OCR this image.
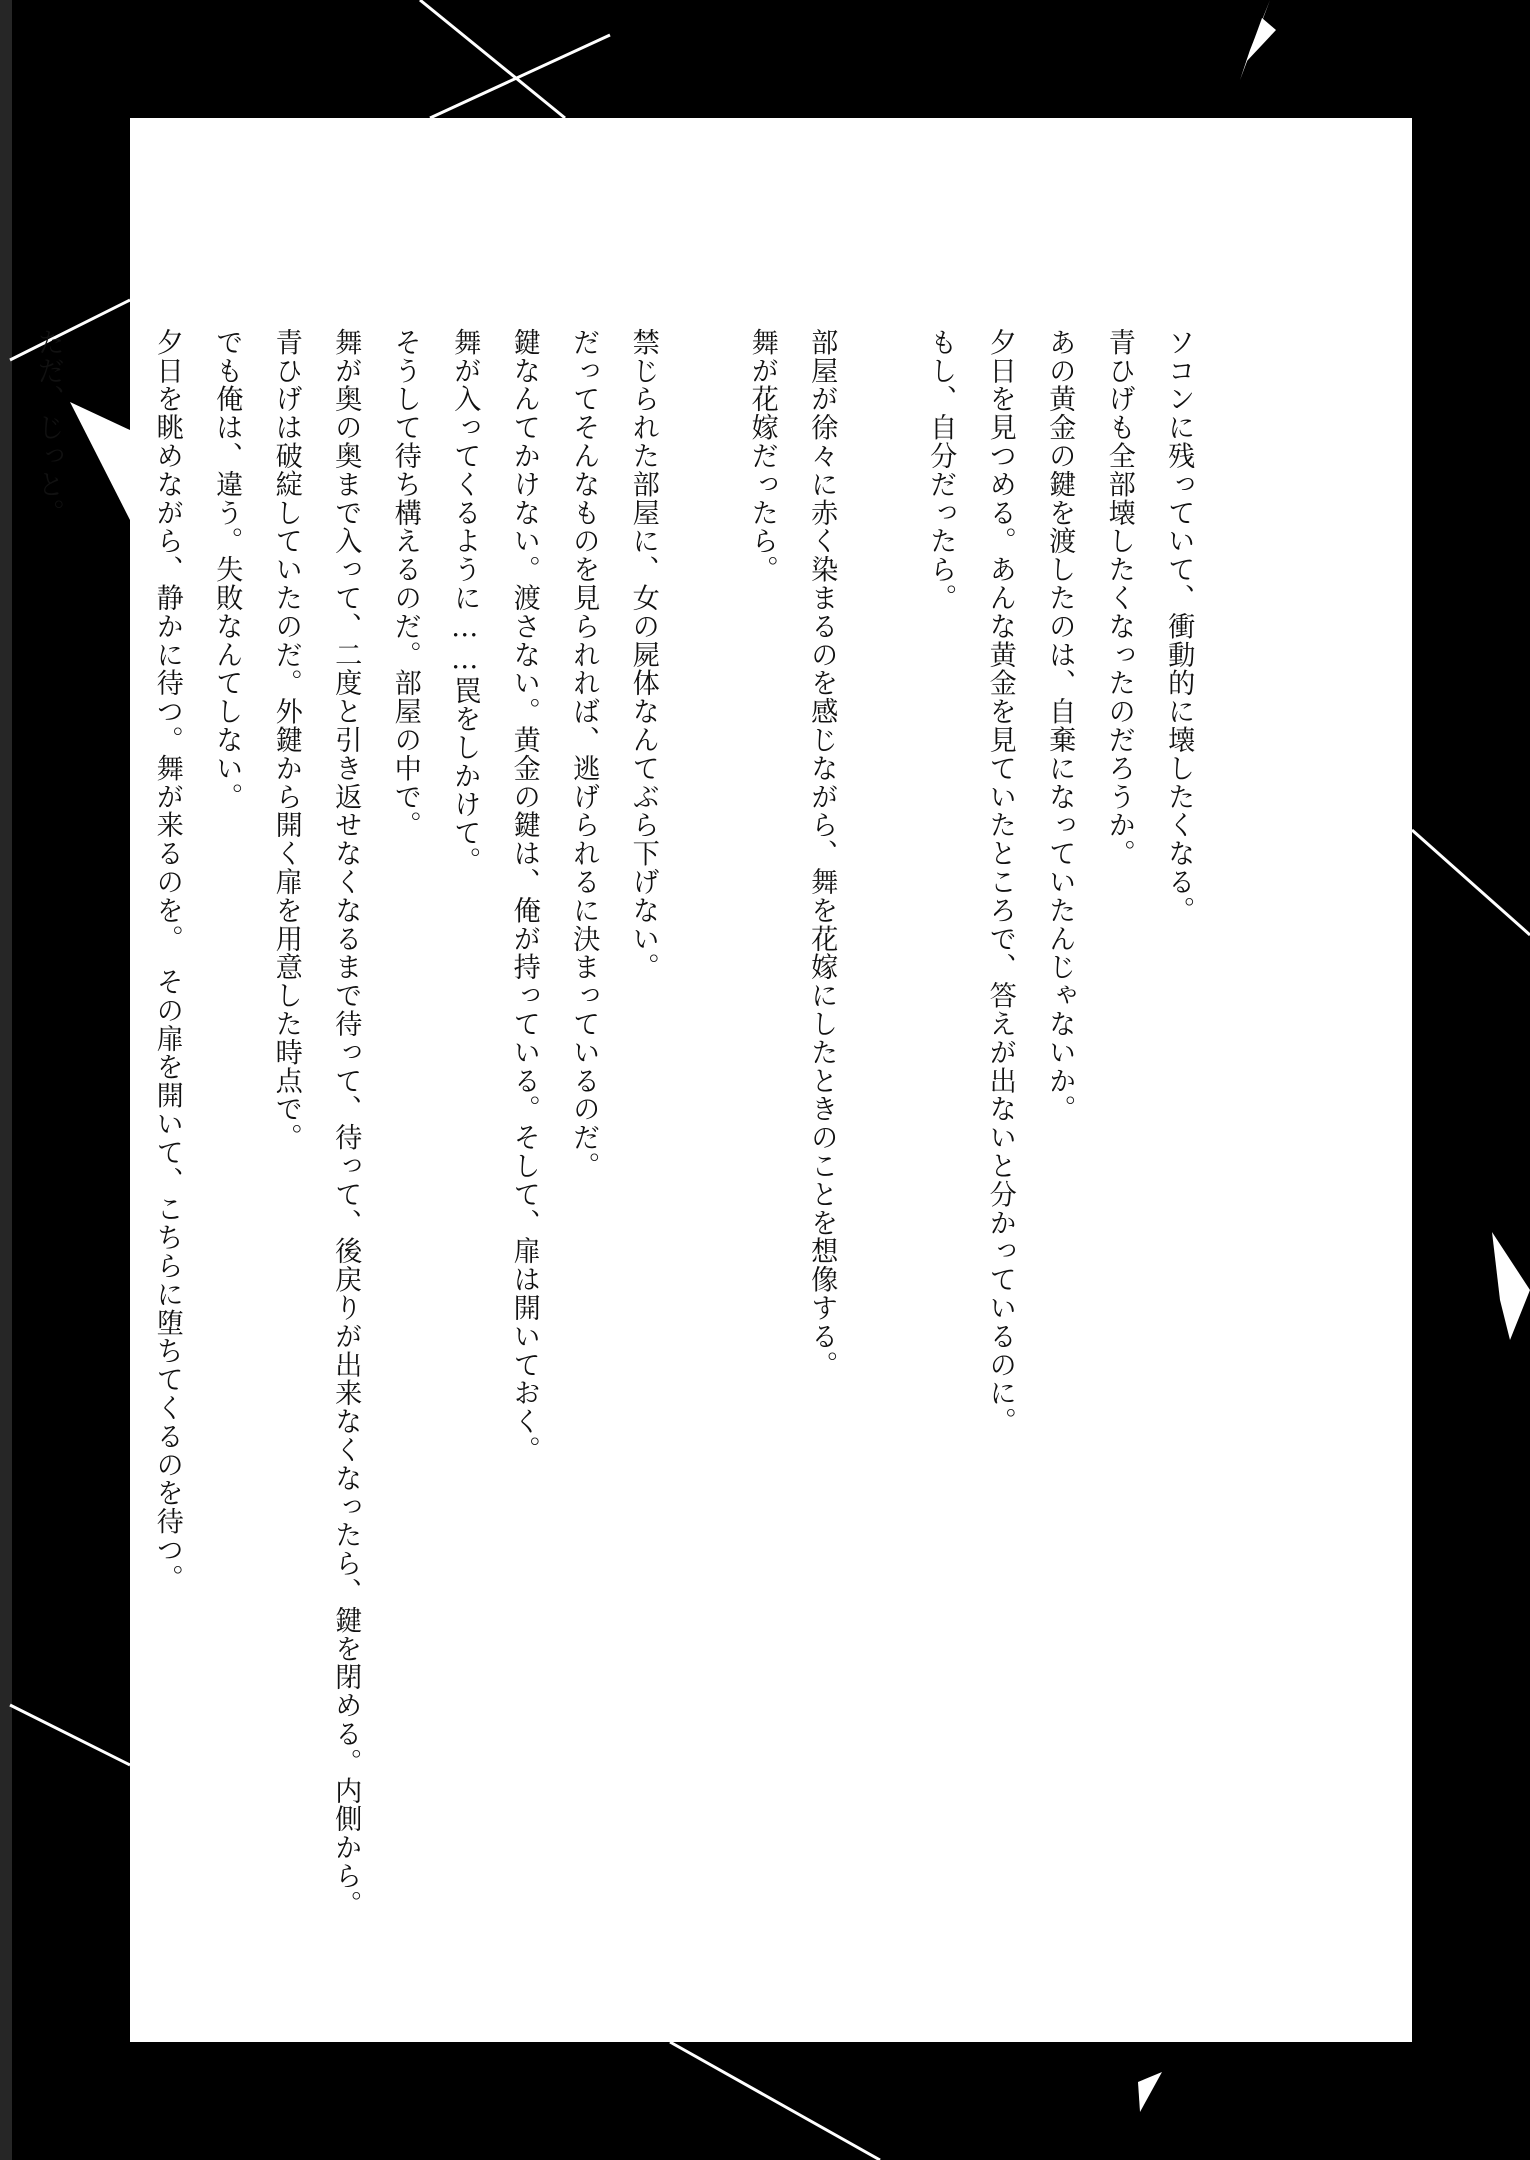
ソコンに残っていて、衝動的に壊したくなる。
青ひげも全部壊したくなったのだろうか。
あの黄金の鍵を渡したのは、自棄になっていたんじゃないか。
夕日を見つめる。あんな黄金を見ていたところで、答えが出ないと分かっているのに。
もし、自分だったら。
部屋が徐々に赤く染まるのを感じながら、舞を花嫁にしたときのことを想像する。
舞が花嫁だったら。
禁じられた部屋に、女の屍体なんてぶら下げない。
だってそんなものを見られれば、逃げられるに決まっているのだ。
鍵なんてかけない。渡さない。黄金の鍵は、俺が持っている。そして、扉は開いておく。
舞が入ってくるように……罠をしかけて。
そうして待ち構えるのだ。部屋の中で。
舞が奥の奥まで入って、二度と引き返せなくなるまで待って、待って、後戻りが出来なくなったら、鍵を閉める。内側から。
青ひげは破綻していたのだ。外鍵から開く扉を用意した時点で。
でも俺は、違う。失敗なんてしない。
夕日を眺めながら、静かに待つ。舞が来るのを。　その扉を開いて、こちらに堕ちてくるのを待つ。
ただ、じっと。
